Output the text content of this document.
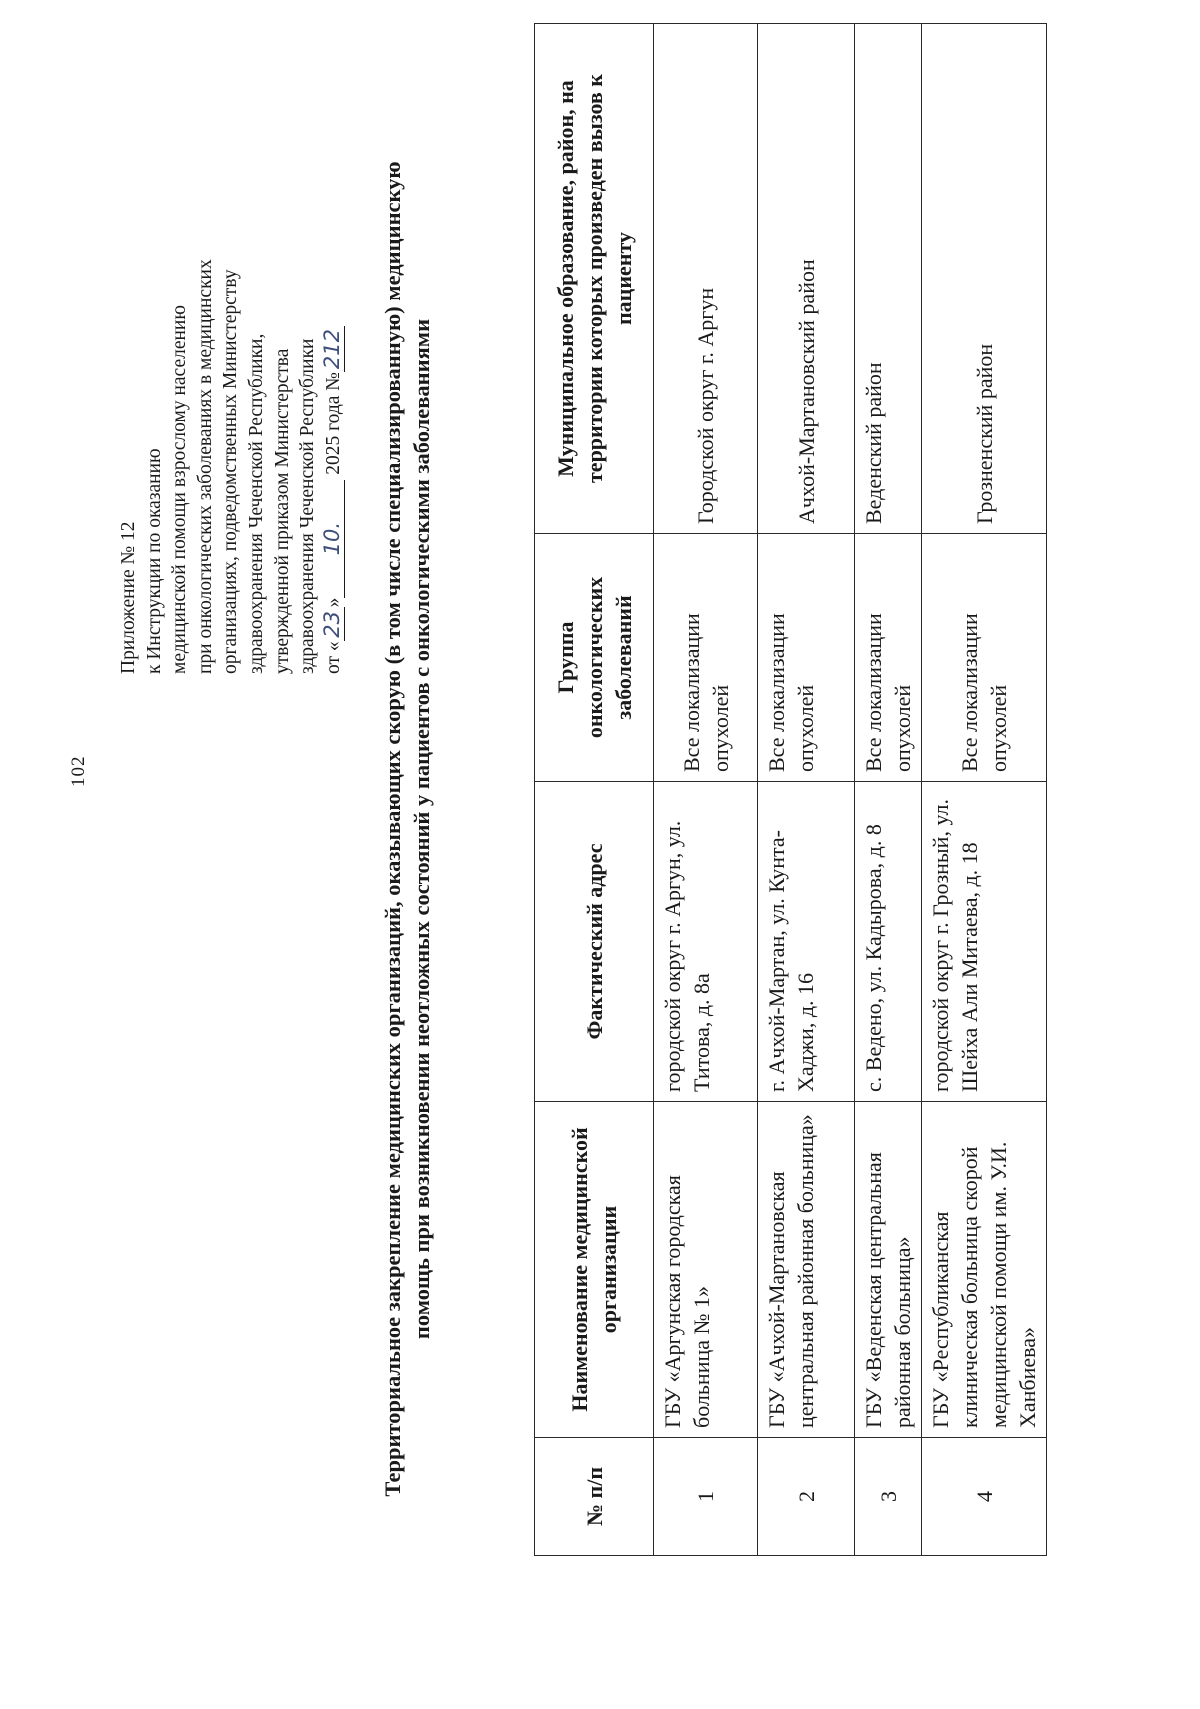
102
Приложение № 12 к Инструкции по оказанию медицинской помощи взрослому населению при онкологических заболеваниях в медицинских организациях, подведомственных Министерству здравоохранения Чеченской Республики, утвержденной приказом Министерства здравоохранения Чеченской Республики от «23»10. 2025 года №212 Территориальное закрепление медицинских организаций, оказывающих скорую (в том числе специализированную) медицинскую помощь при возникновении неотложных состояний у пациентов с онкологическими заболеваниями
№ п/п	Наименование медицинской организации	Фактический адрес	Группа онкологических заболеваний	Муниципальное образование, район, на территории которых произведен вызов к пациенту
1	ГБУ «Аргунская городская больница № 1»	городской округ г. Аргун, ул. Титова, д. 8а	Все локализации опухолей	Городской округ г. Аргун
2	ГБУ «Ачхой-Мартановская центральная районная больница»	г. Ачхой-Мартан, ул. Кунта-Хаджи, д. 16	Все локализации опухолей	Ачхой-Мартановский район
3	ГБУ «Веденская центральная районная больница»	с. Ведено, ул. Кадырова, д. 8	Все локализации опухолей	Веденский район
4	ГБУ «Республиканская клиническая больница скорой медицинской помощи им. У.И. Ханбиева»	городской округ г. Грозный, ул. Шейха Али Митаева, д. 18	Все локализации опухолей	Грозненский район
